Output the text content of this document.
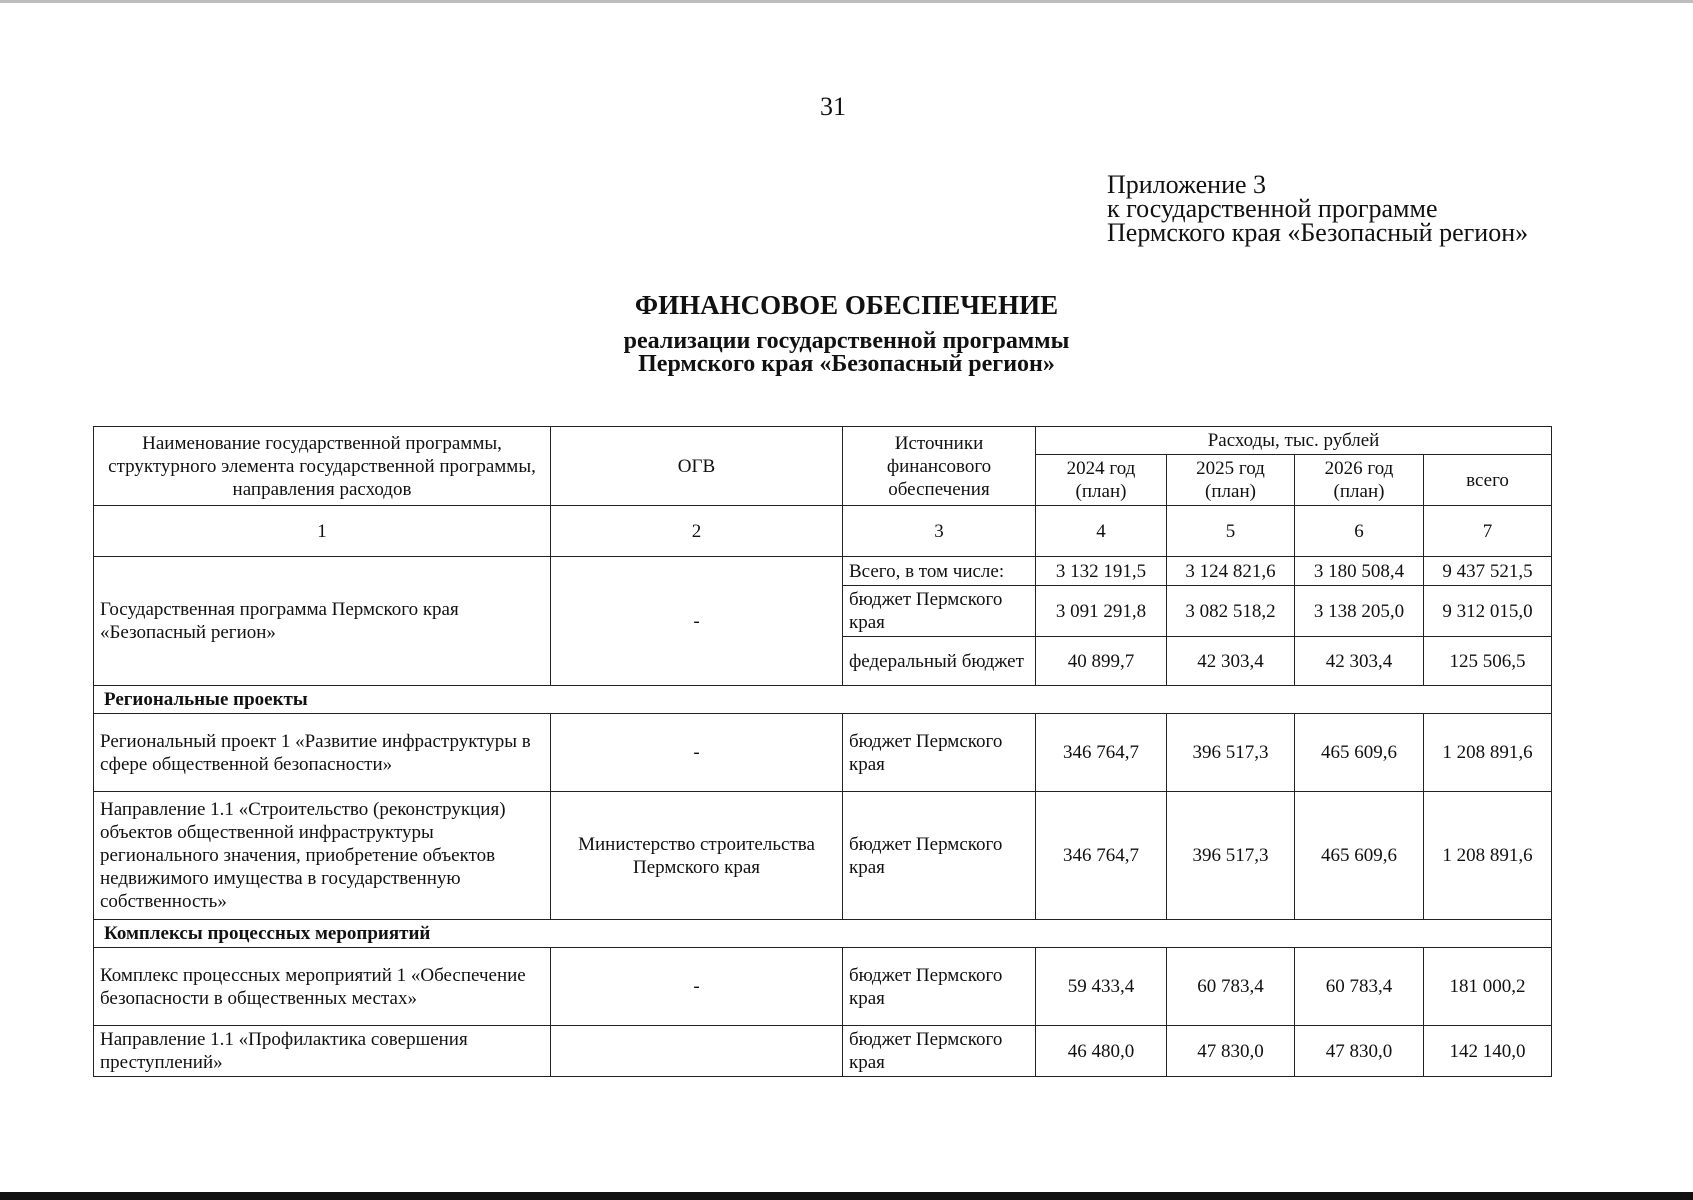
31
Приложение 3
к государственной программе
Пермского края «Безопасный регион»
ФИНАНСОВОЕ ОБЕСПЕЧЕНИЕ
реализации государственной программы
Пермского края «Безопасный регион»
Наименование государственной программы, структурного элемента государственной программы, направления расходов	ОГВ	Источники финансового обеспечения	Расходы, тыс. рублей			
			2024 год (план)	2025 год (план)	2026 год (план)	всего
1	2	3	4	5	6	7
Государственная программа Пермского края «Безопасный регион»	-	Всего, в том числе:	3 132 191,5	3 124 821,6	3 180 508,4	9 437 521,5
		бюджет Пермского края	3 091 291,8	3 082 518,2	3 138 205,0	9 312 015,0
		федеральный бюджет	40 899,7	42 303,4	42 303,4	125 506,5
Региональные проекты						
Региональный проект 1 «Развитие инфраструктуры в сфере общественной безопасности»	-	бюджет Пермского края	346 764,7	396 517,3	465 609,6	1 208 891,6
Направление 1.1 «Строительство (реконструкция) объектов общественной инфраструктуры регионального значения, приобретение объектов недвижимого имущества в государственную собственность»	Министерство строительства Пермского края	бюджет Пермского края	346 764,7	396 517,3	465 609,6	1 208 891,6
Комплексы процессных мероприятий						
Комплекс процессных мероприятий 1 «Обеспечение безопасности в общественных местах»	-	бюджет Пермского края	59 433,4	60 783,4	60 783,4	181 000,2
Направление 1.1 «Профилактика совершения преступлений»		бюджет Пермского края	46 480,0	47 830,0	47 830,0	142 140,0
